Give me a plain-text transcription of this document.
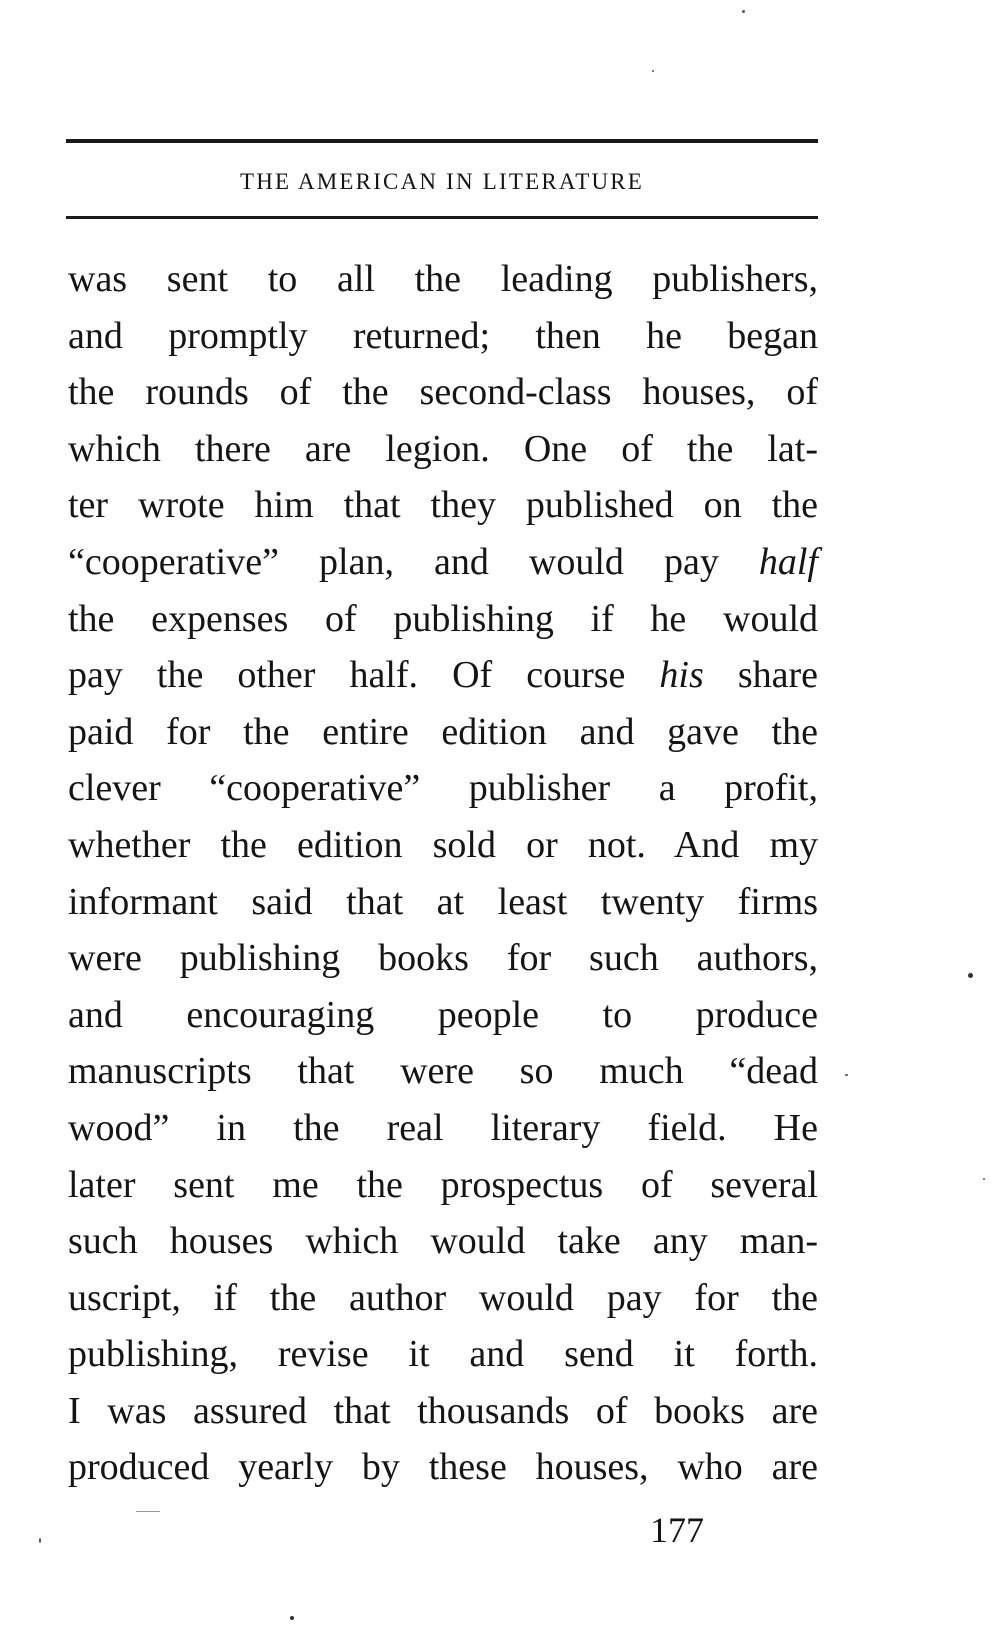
THE AMERICAN IN LITERATURE
was sent to all the leading publishers,
and promptly returned; then he began
the rounds of the second-class houses, of
which there are legion. One of the lat-
ter wrote him that they published on the
“cooperative” plan, and would pay half
the expenses of publishing if he would
pay the other half. Of course his share
paid for the entire edition and gave the
clever “cooperative” publisher a profit,
whether the edition sold or not. And my
informant said that at least twenty firms
were publishing books for such authors,
and encouraging people to produce
manuscripts that were so much “dead
wood” in the real literary field. He
later sent me the prospectus of several
such houses which would take any man-
uscript, if the author would pay for the
publishing, revise it and send it forth.
I was assured that thousands of books are
produced yearly by these houses, who are
177
